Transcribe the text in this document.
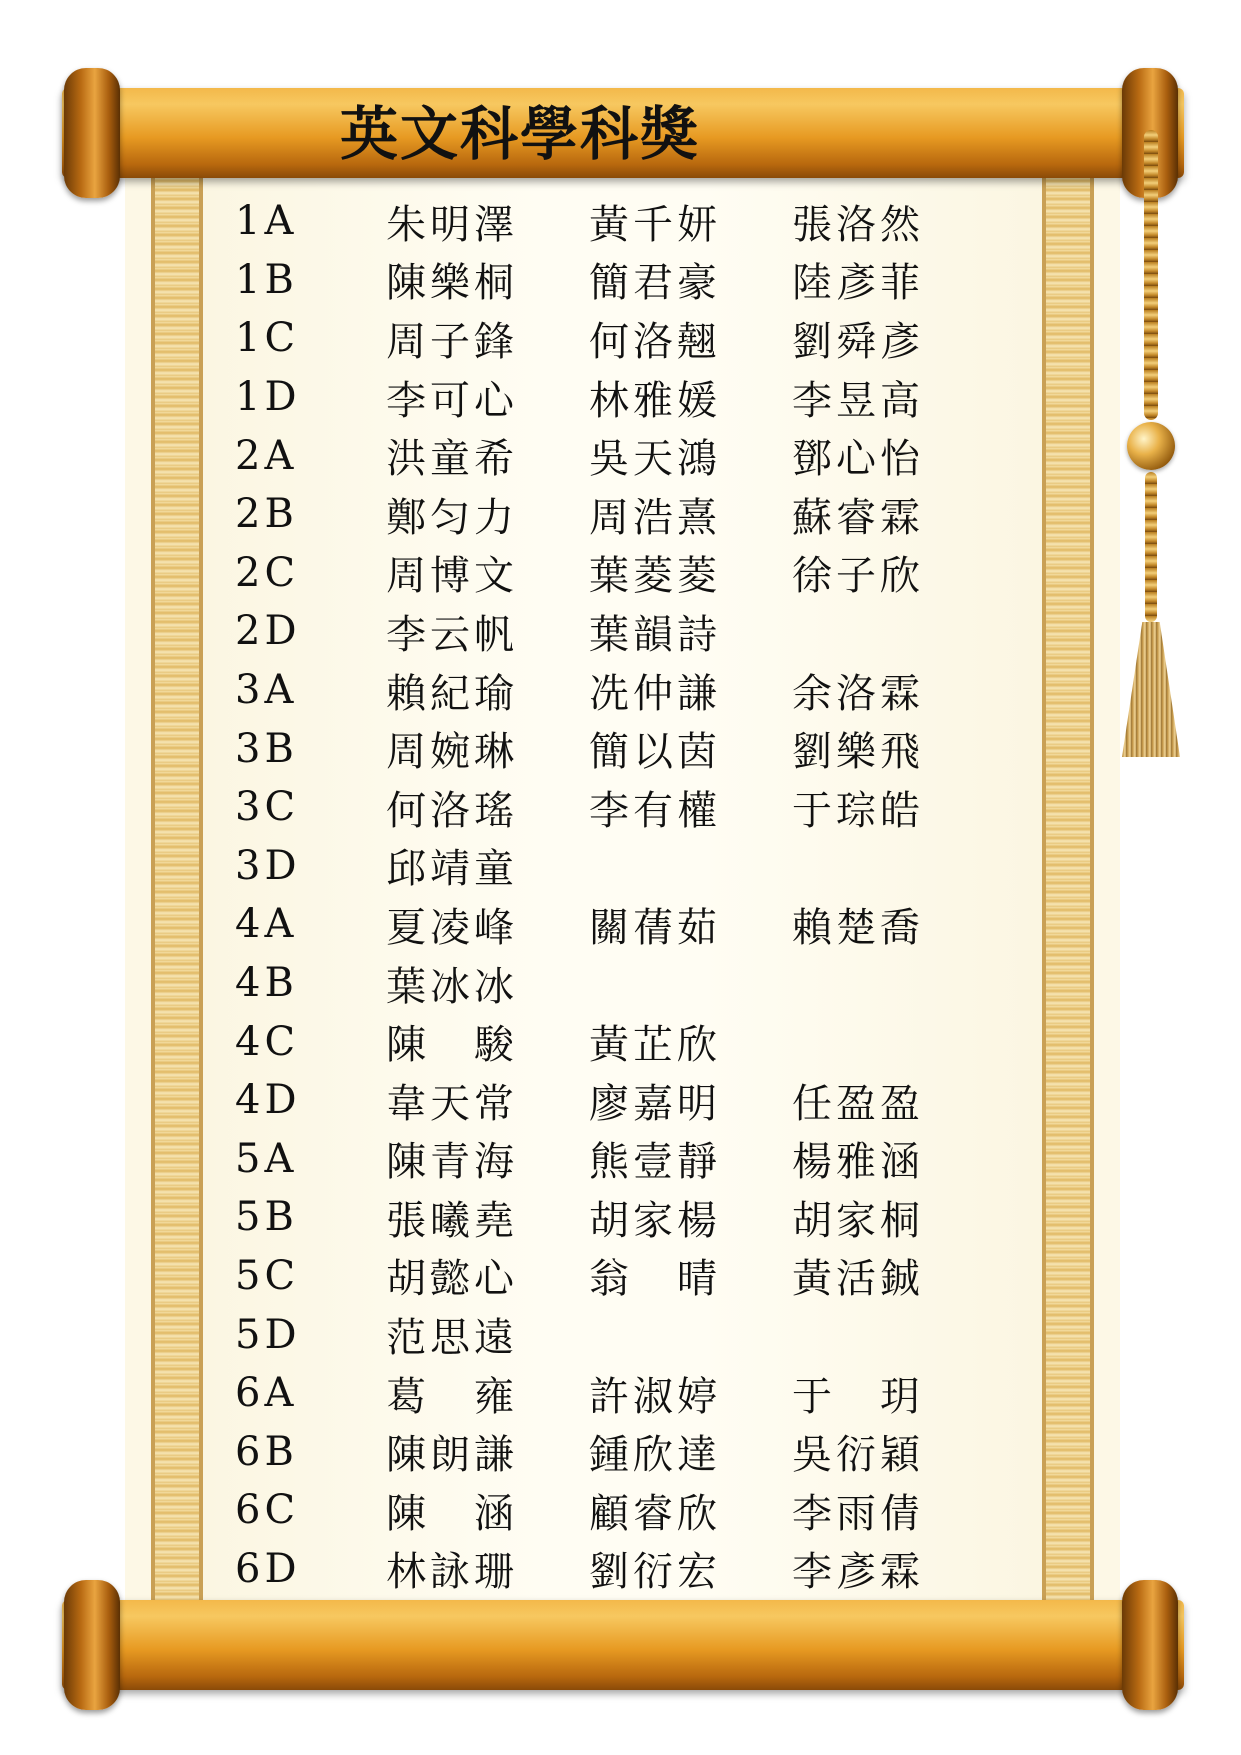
英文科學科獎
1A	朱明澤	黃千妍	張洛然
1B	陳樂桐	簡君豪	陸彥菲
1C	周子鋒	何洛翹	劉舜彥
1D	李可心	林雅媛	李昱高
2A	洪童希	吳天鴻	鄧心怡
2B	鄭匀力	周浩熹	蘇睿霖
2C	周博文	葉菱菱	徐子欣
2D	李云帆	葉韻詩
3A	賴紀瑜	冼仲謙	余洛霖
3B	周婉琳	簡以茵	劉樂飛
3C	何洛瑤	李有權	于琮皓
3D	邱靖童
4A	夏凌峰	關蒨茹	賴楚喬
4B	葉冰冰
4C	陳　駿	黃芷欣
4D	韋天常	廖嘉明	任盈盈
5A	陳青海	熊壹靜	楊雅涵
5B	張曦堯	胡家楊	胡家桐
5C	胡懿心	翁　晴	黃活鋮
5D	范思遠
6A	葛　雍	許淑婷	于　玥
6B	陳朗謙	鍾欣達	吳衍穎
6C	陳　涵	顧睿欣	李雨倩
6D	林詠珊	劉衍宏	李彥霖
